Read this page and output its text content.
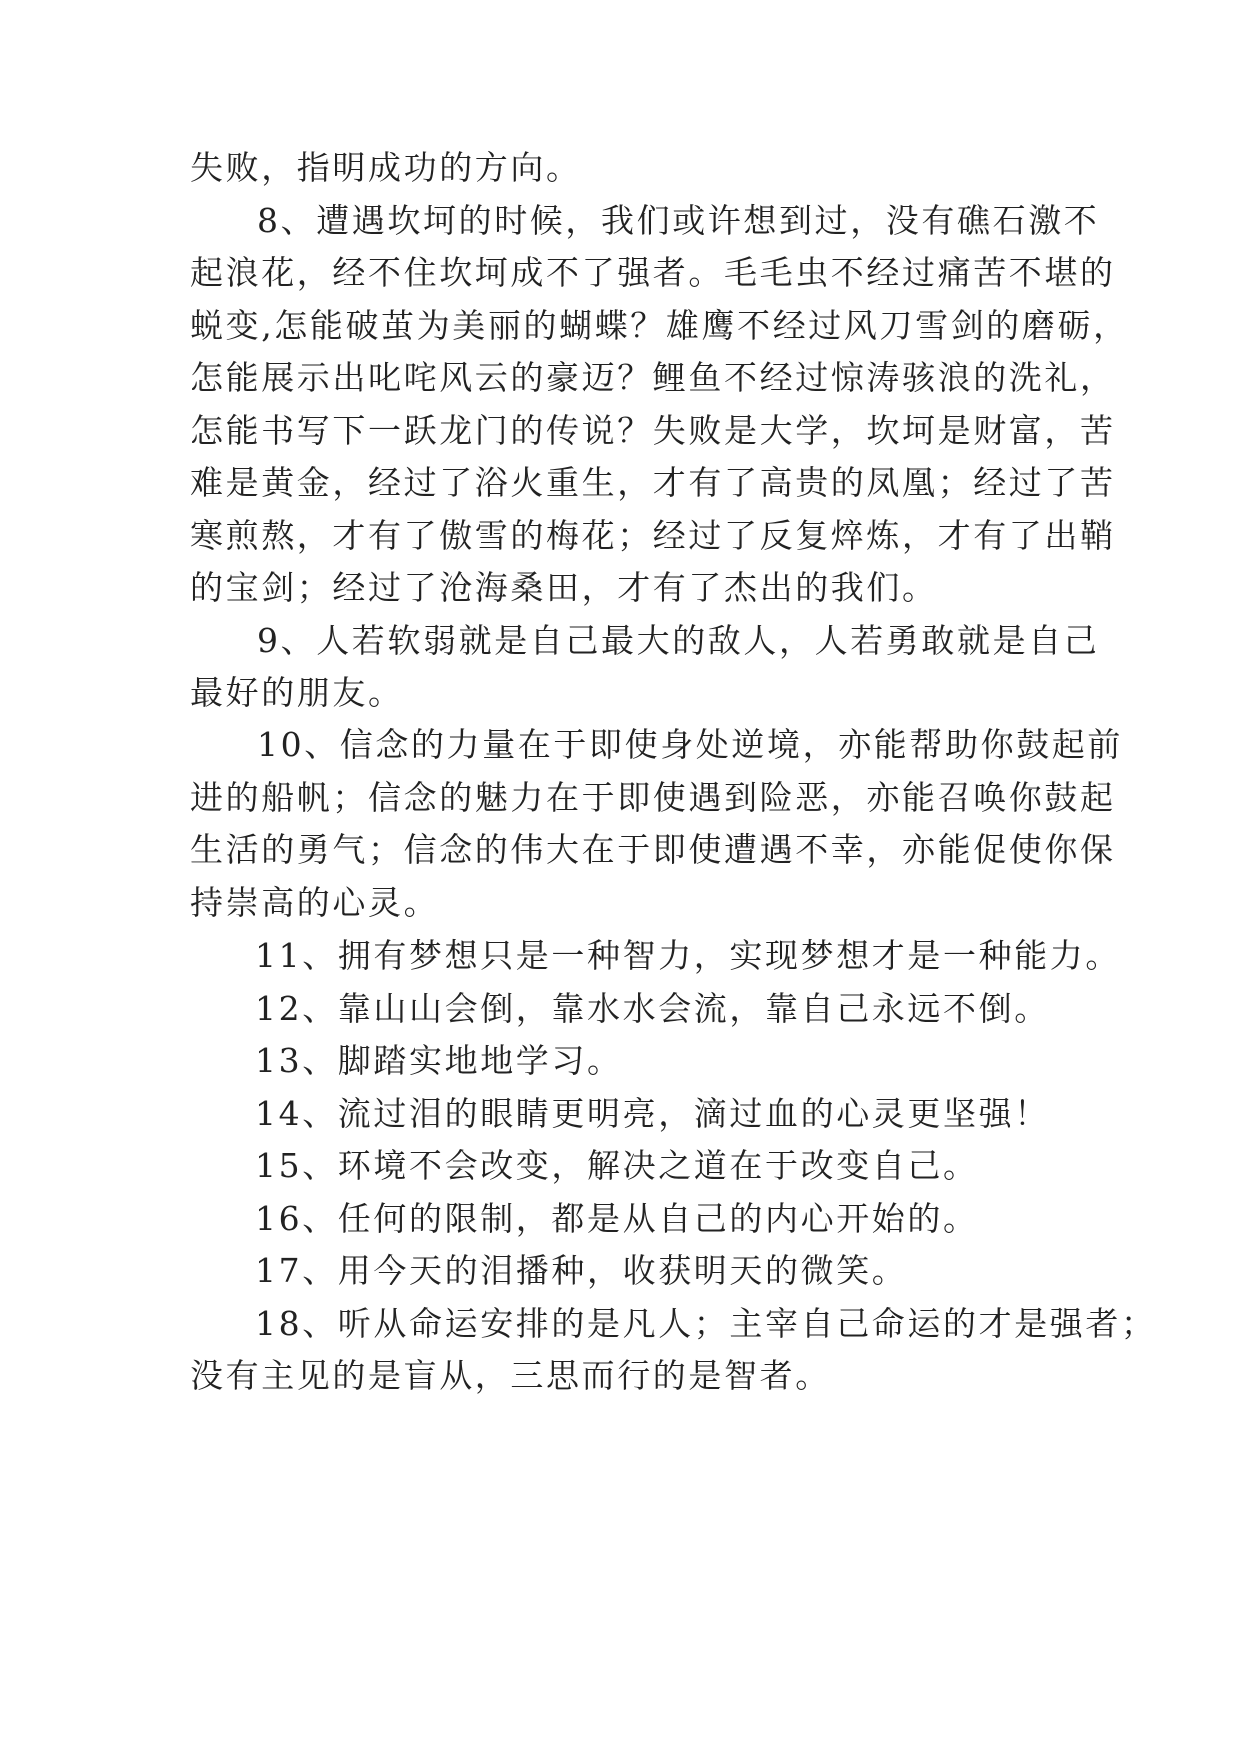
失败，指明成功的方向。

8、遭遇坎坷的时候，我们或许想到过，没有礁石激不

起浪花，经不住坎坷成不了强者。毛毛虫不经过痛苦不堪的

蜕变,怎能破茧为美丽的蝴蝶？雄鹰不经过风刀雪剑的磨砺，

怎能展示出叱咤风云的豪迈？鲤鱼不经过惊涛骇浪的洗礼，

怎能书写下一跃龙门的传说？失败是大学，坎坷是财富，苦

难是黄金，经过了浴火重生，才有了高贵的凤凰；经过了苦

寒煎熬，才有了傲雪的梅花；经过了反复焠炼，才有了出鞘

的宝剑；经过了沧海桑田，才有了杰出的我们。

9、人若软弱就是自己最大的敌人，人若勇敢就是自己

最好的朋友。

10、信念的力量在于即使身处逆境，亦能帮助你鼓起前

进的船帆；信念的魅力在于即使遇到险恶，亦能召唤你鼓起

生活的勇气；信念的伟大在于即使遭遇不幸，亦能促使你保

持崇高的心灵。

11、拥有梦想只是一种智力，实现梦想才是一种能力。

12、靠山山会倒，靠水水会流，靠自己永远不倒。

13、脚踏实地地学习。

14、流过泪的眼睛更明亮，滴过血的心灵更坚强！

15、环境不会改变，解决之道在于改变自己。

16、任何的限制，都是从自己的内心开始的。

17、用今天的泪播种，收获明天的微笑。

18、听从命运安排的是凡人；主宰自己命运的才是强者；

没有主见的是盲从，三思而行的是智者。
